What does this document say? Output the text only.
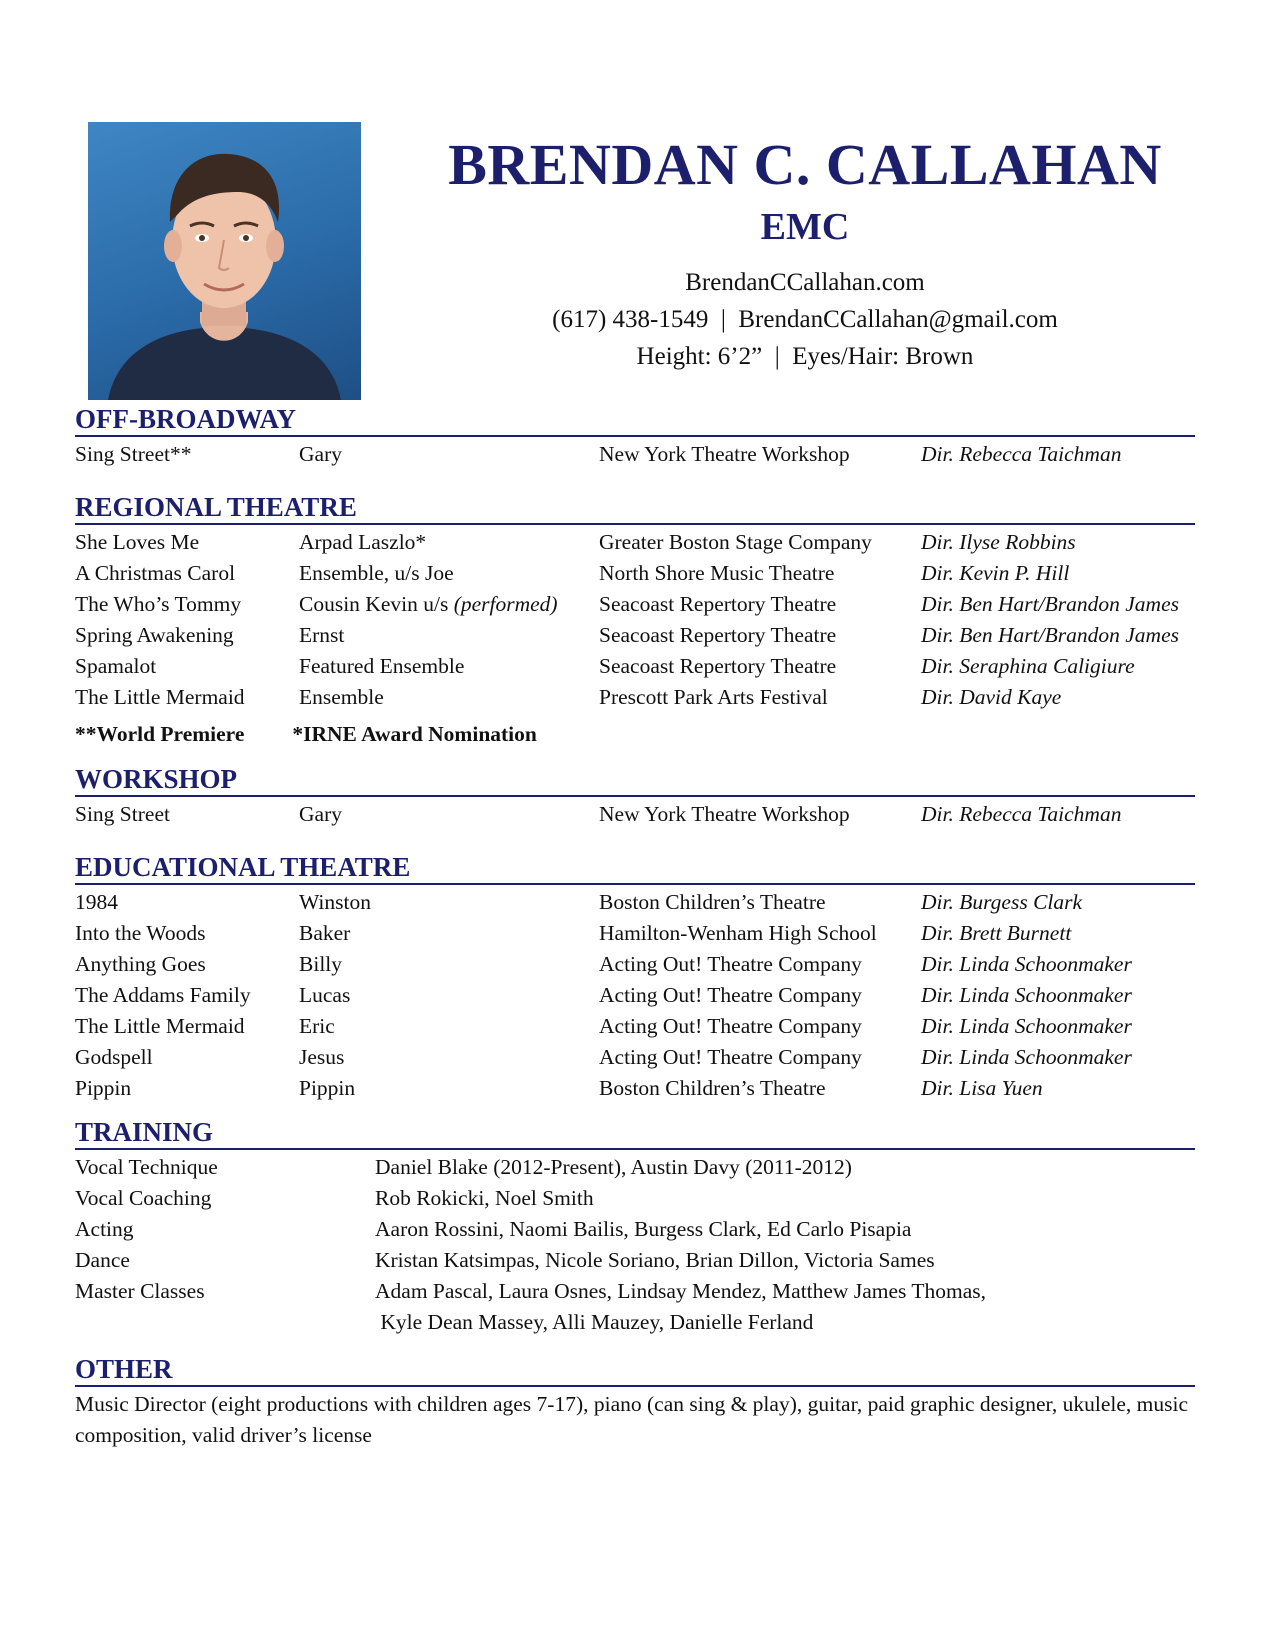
BRENDAN C. CALLAHAN
EMC
BrendanCCallahan.com
(617) 438-1549  |  BrendanCCallahan@gmail.com
Height: 6’2”  |  Eyes/Hair: Brown
OFF-BROADWAY
Sing Street**	Gary	New York Theatre Workshop	Dir. Rebecca Taichman
REGIONAL THEATRE
She Loves Me	Arpad Laszlo*	Greater Boston Stage Company	Dir. Ilyse Robbins
A Christmas Carol	Ensemble, u/s Joe	North Shore Music Theatre	Dir. Kevin P. Hill
The Who’s Tommy	Cousin Kevin u/s (performed)	Seacoast Repertory Theatre	Dir. Ben Hart/Brandon James
Spring Awakening	Ernst	Seacoast Repertory Theatre	Dir. Ben Hart/Brandon James
Spamalot	Featured Ensemble	Seacoast Repertory Theatre	Dir. Seraphina Caligiure
The Little Mermaid	Ensemble	Prescott Park Arts Festival	Dir. David Kaye
**World Premiere *IRNE Award Nomination
WORKSHOP
Sing Street	Gary	New York Theatre Workshop	Dir. Rebecca Taichman
EDUCATIONAL THEATRE
1984	Winston	Boston Children’s Theatre	Dir. Burgess Clark
Into the Woods	Baker	Hamilton-Wenham High School	Dir. Brett Burnett
Anything Goes	Billy	Acting Out! Theatre Company	Dir. Linda Schoonmaker
The Addams Family	Lucas	Acting Out! Theatre Company	Dir. Linda Schoonmaker
The Little Mermaid	Eric	Acting Out! Theatre Company	Dir. Linda Schoonmaker
Godspell	Jesus	Acting Out! Theatre Company	Dir. Linda Schoonmaker
Pippin	Pippin	Boston Children’s Theatre	Dir. Lisa Yuen
TRAINING
Vocal Technique	Daniel Blake (2012-Present), Austin Davy (2011-2012)
Vocal Coaching	Rob Rokicki, Noel Smith
Acting	Aaron Rossini, Naomi Bailis, Burgess Clark, Ed Carlo Pisapia
Dance	Kristan Katsimpas, Nicole Soriano, Brian Dillon, Victoria Sames
Master Classes	Adam Pascal, Laura Osnes, Lindsay Mendez, Matthew James Thomas,
Kyle Dean Massey, Alli Mauzey, Danielle Ferland
OTHER
Music Director (eight productions with children ages 7-17), piano (can sing & play), guitar, paid graphic designer, ukulele, music composition, valid driver’s license
